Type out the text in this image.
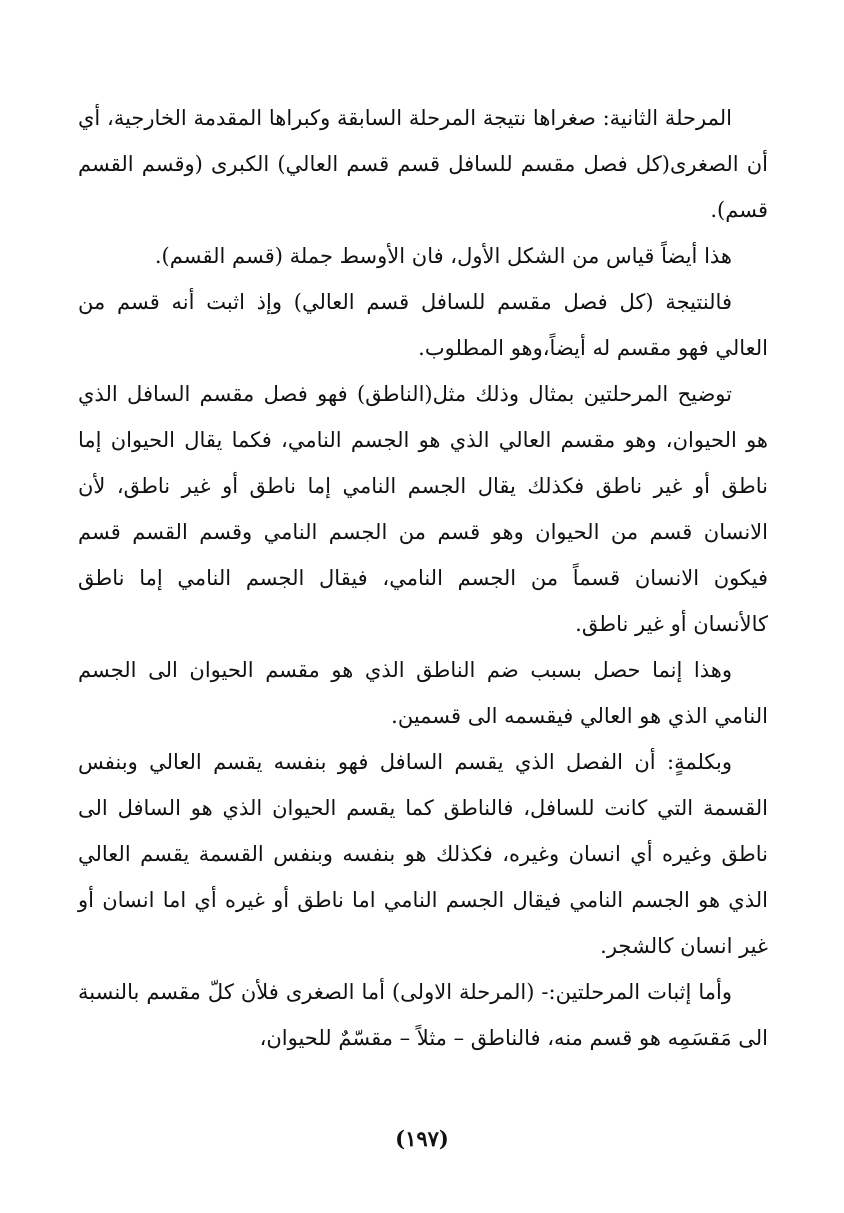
المرحلة الثانية: صغراها نتيجة المرحلة السابقة وكبراها المقدمة الخارجية، أي أن الصغرى(كل فصل مقسم للسافل قسم قسم العالي) الكبرى (وقسم القسم قسم).

هذا أيضاً قياس من الشكل الأول، فان الأوسط جملة (قسم القسم).

فالنتيجة (كل فصل مقسم للسافل قسم العالي) وإذ اثبت أنه قسم من العالي فهو مقسم له أيضاً،وهو المطلوب.

توضيح المرحلتين بمثال وذلك مثل(الناطق) فهو فصل مقسم السافل الذي هو الحيوان، وهو مقسم العالي الذي هو الجسم النامي، فكما يقال الحيوان إما ناطق أو غير ناطق فكذلك يقال الجسم النامي إما ناطق أو غير ناطق، لأن الانسان قسم من الحيوان وهو قسم من الجسم النامي وقسم القسم قسم فيكون الانسان قسماً من الجسم النامي، فيقال الجسم النامي إما ناطق كالأنسان أو غير ناطق.

وهذا إنما حصل بسبب ضم الناطق الذي هو مقسم الحيوان الى الجسم النامي الذي هو العالي فيقسمه الى قسمين.

وبكلمةٍ: أن الفصل الذي يقسم السافل فهو بنفسه يقسم العالي وبنفس القسمة التي كانت للسافل، فالناطق كما يقسم الحيوان الذي هو السافل الى ناطق وغيره أي انسان وغيره، فكذلك هو بنفسه وبنفس القسمة يقسم العالي الذي هو الجسم النامي فيقال الجسم النامي اما ناطق أو غيره أي اما انسان أو غير انسان كالشجر.

وأما إثبات المرحلتين:- (المرحلة الاولى) أما الصغرى فلأن كلّ مقسم بالنسبة الى مَقسَمِه هو قسم منه، فالناطق – مثلاً – مقسّمٌ للحيوان،

(١٩٧)
